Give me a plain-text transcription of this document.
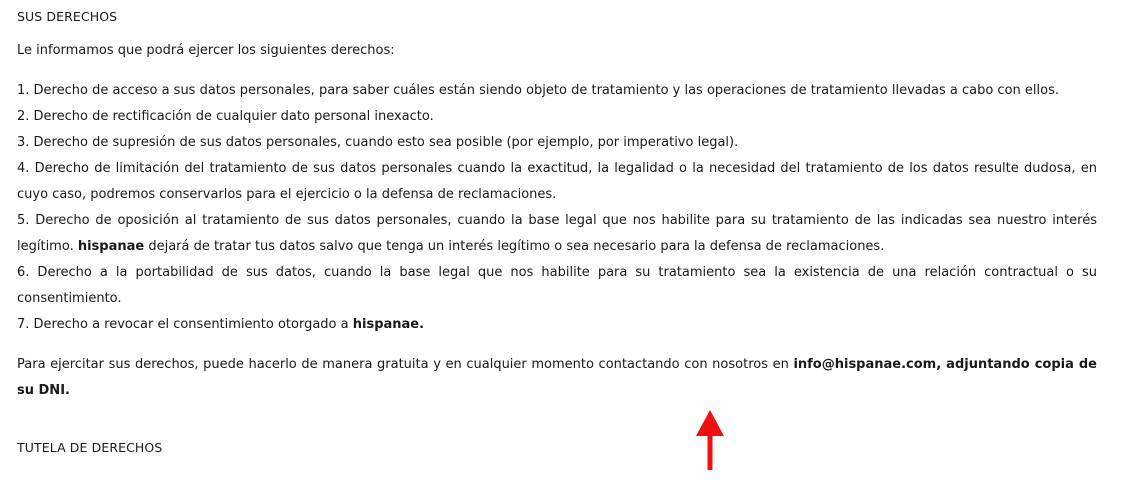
SUS DERECHOS

Le informamos que podrá ejercer los siguientes derechos:

1. Derecho de acceso a sus datos personales, para saber cuáles están siendo objeto de tratamiento y las operaciones de tratamiento llevadas a cabo con ellos.
2. Derecho de rectificación de cualquier dato personal inexacto.
3. Derecho de supresión de sus datos personales, cuando esto sea posible (por ejemplo, por imperativo legal).
4. Derecho de limitación del tratamiento de sus datos personales cuando la exactitud, la legalidad o la necesidad del tratamiento de los datos resulte dudosa, en cuyo caso, podremos conservarlos para el ejercicio o la defensa de reclamaciones.
5. Derecho de oposición al tratamiento de sus datos personales, cuando la base legal que nos habilite para su tratamiento de las indicadas sea nuestro interés legítimo. hispanae dejará de tratar tus datos salvo que tenga un interés legítimo o sea necesario para la defensa de reclamaciones.
6. Derecho a la portabilidad de sus datos, cuando la base legal que nos habilite para su tratamiento sea la existencia de una relación contractual o su consentimiento.
7. Derecho a revocar el consentimiento otorgado a hispanae.

Para ejercitar sus derechos, puede hacerlo de manera gratuita y en cualquier momento contactando con nosotros en info@hispanae.com, adjuntando copia de su DNI.

TUTELA DE DERECHOS
